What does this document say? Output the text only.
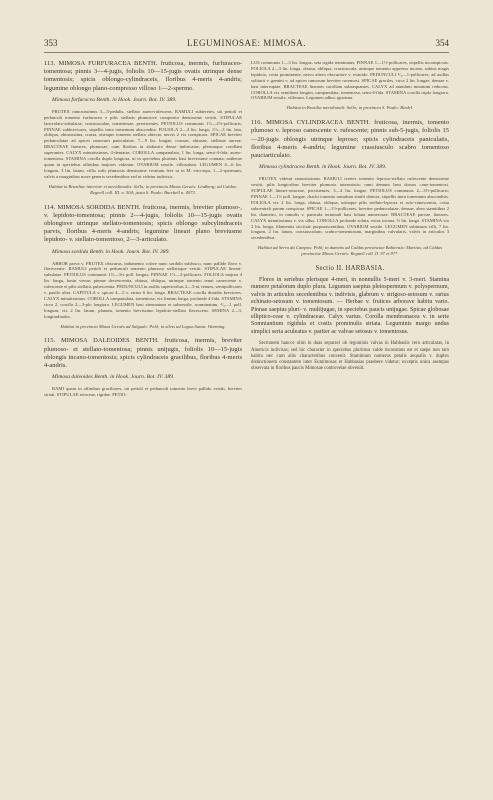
353	LEGUMINOSAE: MIMOSA.	354

113. MIMOSA FURFURACEA BENTH. fruticosa, inermis, furfuraceo-tomentosa; pinnis 3—4-jugis, foliolis 10—15-jugis ovatis utrinque dense tomentosis; spicis oblongo-cylindraceis, floribus 4-meris 4-andris; legumine oblongo plano-compresso villoso 1—2-spermo.

Mimosa furfuracea Benth. in Hook. Journ. Bot. IV. 389.

FRUTEX ramosissimus 3—5-pedalis, stellato aureo-rufescens. RAMULI subteretes, uti petioli et pedunculi tomento furfuraceo e pilis stellatis plumosive composito densissime vestiti. STIPULAE lanceolato-subulatae, crassiusculae, tomentosae, persistentes. PETIOLUS communis 1½—2½-pollicaris; PINNAE subbreviores, stipellis intra tomentum abscondita. FOLIOLA 2—4 lin. longa, 1½—3 lin. lata, obliqua, obtusissima, crassa, utrinque tomento stellato obtecta, nervis 2 vix conspicuis. SPICAE breviter pedunculatae ad apices ramorum paniculatae, 7—9 lin. longae, crassae, obtusae, stellatae aureae. BRACTEAE lineares, plumosae, cum floribus in alabastro dense imbricatae, plerumque corollam superantes. CALYX minutissimus, 4-dentatus. COROLLA campanulata, 1 lin. longa, semi-4-fida, aureo-tomentosa. STAMINA corolla duplo longiora, ut in speciebus plurimis basi brevissime connata; antherae quam in speciebus affinibus majores videntur. OVARIUM sessile, villosulum. LEGUMEN 4—6 lin. longum, 3 lin. latum, villis rufis plumosis densissime vestitum fere ut in M. ericoripa, 1—2-spermum; valvis a marginibus more generis secedentibus sed ut videtur indivisis.

Habitat in Brasiliae interiore et meridionalis: Sello; in provincia Minas Geraës: Lindberg; ad Caldas: Regnell coll. III. n. 504; juxta S. Paulo: Burchell n. 4073.

114. MIMOSA SORDIDA BENTH. fruticosa, inermis, breviter plumoso-, v. lepidoto-tomentosa; pinnis 2—4-jugis, foliolis 10—15-jugis ovatis oblongisve utrinque stellato-tomentosis; spicis oblongo subcylindraceis parvis, floribus 4-meris 4-andris; legumine lineari plano breviusme lepidoto- v. stellato-tomentoso, 2—3-articulato.

Mimosa sordida Benth. in Hook. Journ. Bot. IV. 389.

ARBOR parva v. FRUTEX obscurus, indumento colore nunc sordido subfusco, nunc pallide flavo v. flavescente. RAMULI petioli et pedunculi tomento plumoso stellatoque vestiti. STIPULAE lineari-subulatae. PETIOLUS communis 1½—3¼ poll. longus; PINNAE 1½—2-pollicares. FOLIOLA majora 4 lin. longa, basin versus pinnae decrescentia, obtusa, obliqua, utrinque tomento tenui canescente v. rufescente et pilis stellatis pubescentia. PEDUNCULI in axillis superioribus 2—3-ni, tenues, semipollicares v. paullo ultra. CAPITULA v. spicae 4—5 v. rarius 6 lin. longa. BRACTEAE corolla dimidio breviores. CALYX minutissimus. COROLLA campanulata, tomentosa, vix lineam longa, profunde 4-fida. STAMINA circa 2, corolla 2—3-plo longiora. LEGUMEN basi attenuatum et subsessile, acuminatum, ⁴/₅—1 poll. longum, vix 2 lin. latum, planum, tomento brevissimo lepidoto-stellato flavescens. SEMINA 2—3, longitudinalia.

Habitat in provincia Minas Geraës ad Salgado: Pohl; in silvis ad Lagoa Santa: Warming.

115. MIMOSA DALEOIDES BENTH. fruticosa, inermis, breviter plumoso- et stellato-tomentosa; pinnis unijugis, foliolis 10—15-jugis oblongis incano-tomentosis; spicis cylindraceis gracilibus, floribus 4-meris 4-andris.

Mimosa daleoides Benth. in Hook. Journ. Bot. IV. 389.

RAMI quam in affinibus graciliores, uti petioli et pedunculi tomento brevi pallido vestiti, breviter striati. STIPULAE setaceae, rigidae. PETIO-

LUS communis 1—3 lin. longus, seta rigida terminatus; PINNAE 1—1½-pollicares, stipellis inconspicuis. FOLIOLA 2—3 lin. longa, obtusa, obliqua, crassiuscula, utrinque tomento appresso incano, subtus magis lepidoto, costa prominente, nervo altero obscuriore v. evanido. PEDUNCULI ⁴/₅—1-pollicares, ad axillas solitarii v. gemini v. ad apices ramorum breviter racemosi. SPICAE graciles, circa 2 lin. longae, densae v. basi interruptae. BRACTEAE lineares corollam subaequantes. CALYX ad annulum minutum reductus. COROLLA vix semilinea longior, campanulata, tomentosa, semi-4-fida. STAMINA corolla triplo longiora. OVARIUM sessile, villosum. Legumen adhuc ignotum.

Habitat in Brasilia meridionali: Sello; in provincia S. Paulo: Riedel.

116. MIMOSA CYLINDRACEA BENTH. fruticosa, inermis, tomento plumoso v. leproso canescente v. rufescente; pinnis sub-5-jugis, foliolis 15—20-jugis oblongis utrinque leproso; spicis cylindraceis paniculatis, floribus 4-meris 4-andris; legumine crassiusculo scabro tomentoso pauciarticulato.

Mimosa cylindracea Benth. in Hook. Journ. Bot. IV. 389.

FRUTEX videtur ramosissimus. RAMULI teretes tomento leproso-stellato rufescente densissime vestiti, pilis longioribus breviter plumosis intermixtis; rami demum laeu dorsus cano-tomentosi. STIPULAE lineari-setaceae, persistentes, 3—4 lin. longae. PETIOLUS communis 2—3½-pollicaris; PINNAE 1—1½ poll. longae, rhachi tomento ramulum simili obtecta, stipellis intra tomentum absconditis. FOLIOLA vix 2 lin. longa, obtusa, obliqua, utrinque pilis stellato-leprosa et rufo-canescentia, costa subcentrali parum conspicua. SPICAE 1—1½-pollicares, breviter pedunculatae, densae, abeo stamitibus 2 lin. diametro, in ramulis v. panicula terminali basi foliata numerosae. BRACTEAE parvae, lineares. CALYX minutissimus v. vix ullus. COROLLA profunde soluta, extus incana, ⅔ lin. longa. STAMINA vix 2 lin. longa, filamentis siccitate purpurascentibus. OVARIUM sessile. LEGUMEN subinsum villi, 7 lin. longum, 2 lin. latum, crassiusculum, scabro-tomentosum, marginibus valvularis, valvis in articulos 3 secedentibus.

Habitat ad Serra da Campos: Pohl; in dumetis ad Caldas provinciae Bahiensis: Martius; ad Caldas provinciae Minas Geraës: Regnell coll. II. 97 et 97*.

Sectio II. HARBASIA.

Flores in seriebus plerisque 4-meri, in nonnullis 5-meri v. 3-meri. Stamina numero petalorum duplo plura. Legumen saepius pleiospermum v. polyspermum, valvis in articulos secedentibus v. indivisis, glabrum v. strigoso-setosum v. rarius echinato-setosum v. tomentosum. — Herbae v. frutices arborave habitu vario. Pinnae saepius pluri- v. multijugae, in speciebus paucis unijugae. Spicae globosae elliptico-ceae v. cylindraceae. Calyx varius. Corolla membranacea v. in serie Somniantium rigidula et costis prominulis striata. Leguminis margo undus simplici seria aculeatus v. pariter ac valvae setosus v. tomentosus.

Sectionem hancce olim in duas separavi ob leguminis valvas in Habbasiis vero articulatas, in Americis indivisas; sed hic character in speciebus plurimus valde inconstans est et saepe non tam habitu nec cum aliis characteribus convenit. Stamimum numerus petalis aequalis v. duplex distinctionem constantem inter Eumimosas et Habbasias praebere videtur; exceptis unica asempus observata in floribus paucis Mimosae controvelae obveniit.
